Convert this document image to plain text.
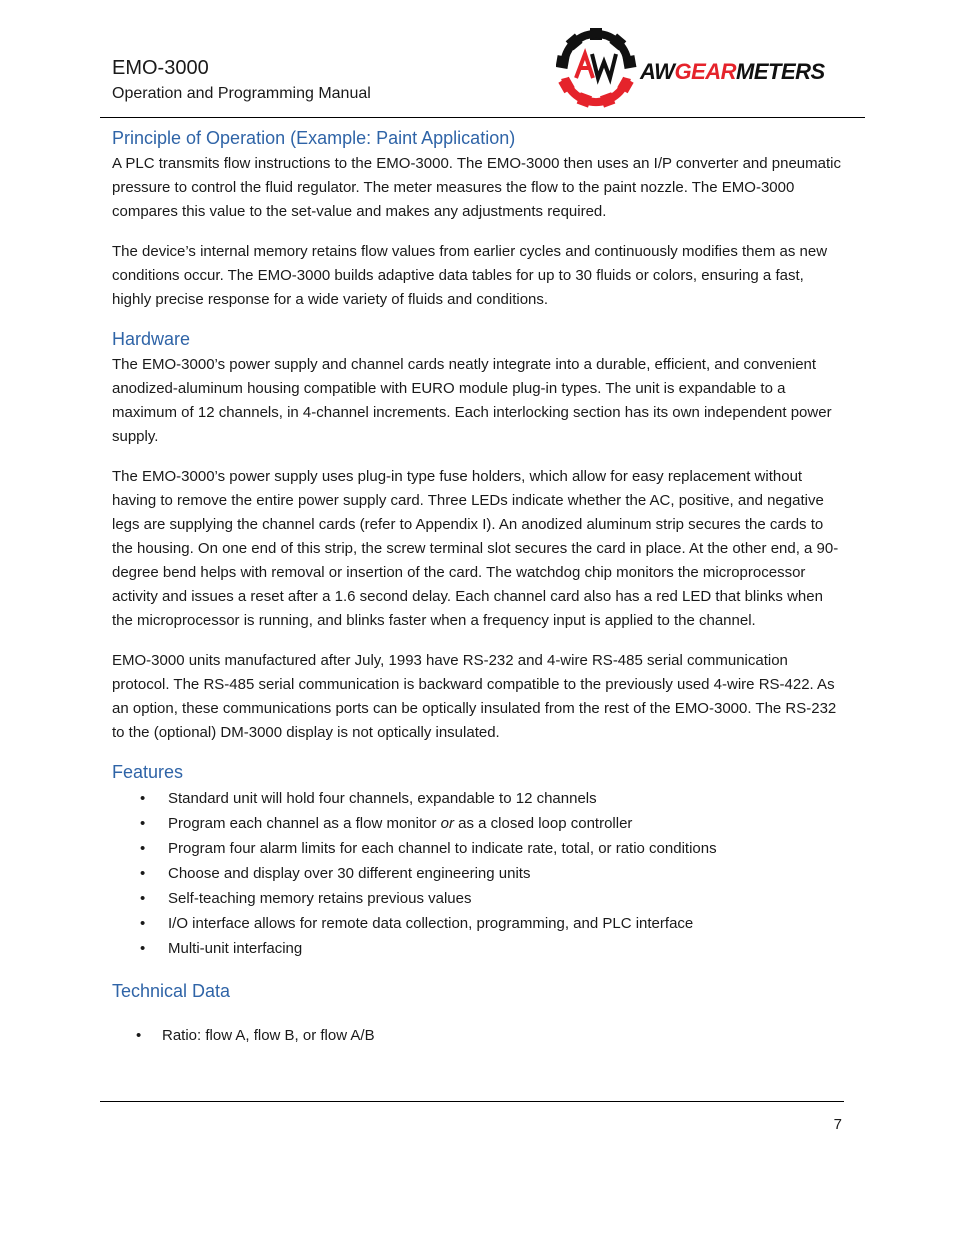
EMO-3000
Operation and Programming Manual
AWGEARMETERS
Principle of Operation (Example: Paint Application)

A PLC transmits flow instructions to the EMO-3000. The EMO-3000 then uses an I/P converter and pneumatic pressure to control the fluid regulator. The meter measures the flow to the paint nozzle. The EMO-3000 compares this value to the set-value and makes any adjustments required.

The device’s internal memory retains flow values from earlier cycles and continuously modifies them as new conditions occur. The EMO-3000 builds adaptive data tables for up to 30 fluids or colors, ensuring a fast, highly precise response for a wide variety of fluids and conditions.

Hardware

The EMO-3000’s power supply and channel cards neatly integrate into a durable, efficient, and convenient anodized-aluminum housing compatible with EURO module plug-in types. The unit is expandable to a maximum of 12 channels, in 4-channel increments. Each interlocking section has its own independent power supply.

The EMO-3000’s power supply uses plug-in type fuse holders, which allow for easy replacement without having to remove the entire power supply card. Three LEDs indicate whether the AC, positive, and negative legs are supplying the channel cards (refer to Appendix I). An anodized aluminum strip secures the cards to the housing. On one end of this strip, the screw terminal slot secures the card in place. At the other end, a 90-degree bend helps with removal or insertion of the card. The watchdog chip monitors the microprocessor activity and issues a reset after a 1.6 second delay. Each channel card also has a red LED that blinks when the microprocessor is running, and blinks faster when a frequency input is applied to the channel.

EMO-3000 units manufactured after July, 1993 have RS-232 and 4-wire RS-485 serial communication protocol. The RS-485 serial communication is backward compatible to the previously used 4-wire RS-422. As an option, these communications ports can be optically insulated from the rest of the EMO-3000. The RS-232 to the (optional) DM-3000 display is not optically insulated.

Features
• Standard unit will hold four channels, expandable to 12 channels
• Program each channel as a flow monitor or as a closed loop controller
• Program four alarm limits for each channel to indicate rate, total, or ratio conditions
• Choose and display over 30 different engineering units
• Self-teaching memory retains previous values
• I/O interface allows for remote data collection, programming, and PLC interface
• Multi-unit interfacing
Technical Data
• Ratio: flow A, flow B, or flow A/B
7
